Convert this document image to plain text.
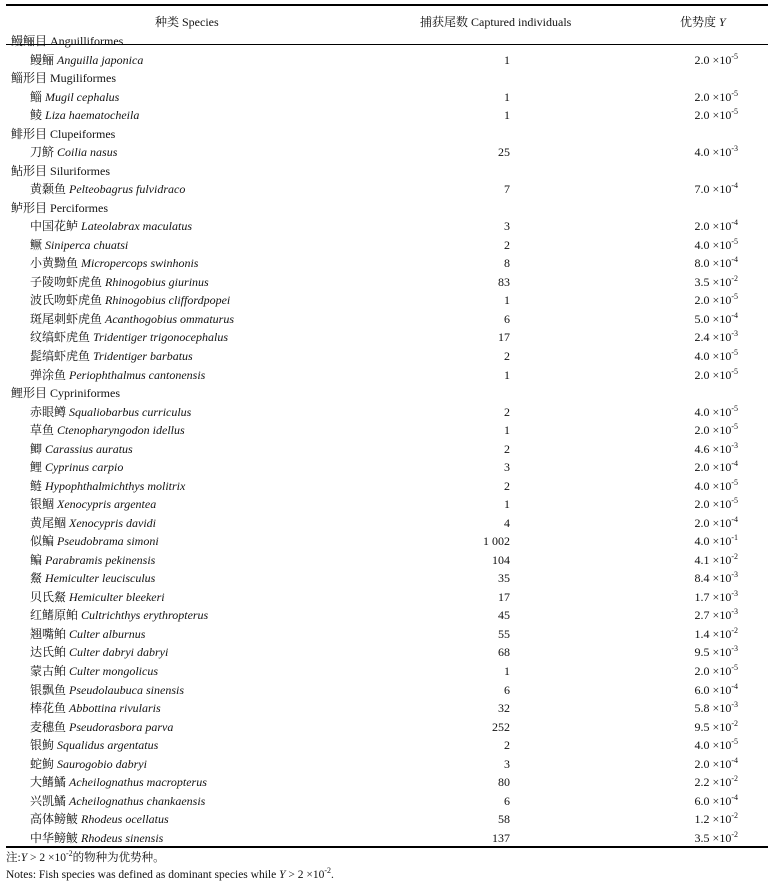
种类 Species	捕获尾数 Captured individuals	优势度 Y
鳗鲡目 Anguilliformes
鳗鲡 Anguilla japonica	1	$2.0 \times 10^{-5}$
鲻形目 Mugiliformes
鲻 Mugil cephalus	1	$2.0 \times 10^{-5}$
鲮 Liza haematocheila	1	$2.0 \times 10^{-5}$
鲱形目 Clupeiformes
刀鲚 Coilia nasus	25	$4.0 \times 10^{-3}$
鲇形目 Siluriformes
黄颡鱼 Pelteobagrus fulvidraco	7	$7.0 \times 10^{-4}$
鲈形目 Perciformes
中国花鲈 Lateolabrax maculatus	3	$2.0 \times 10^{-4}$
鳜 Siniperca chuatsi	2	$4.0 \times 10^{-5}$
小黄黝鱼 Micropercops swinhonis	8	$8.0 \times 10^{-4}$
子陵吻虾虎鱼 Rhinogobius giurinus	83	$3.5 \times 10^{-2}$
波氏吻虾虎鱼 Rhinogobius cliffordpopei	1	$2.0 \times 10^{-5}$
斑尾刺虾虎鱼 Acanthogobius ommaturus	6	$5.0 \times 10^{-4}$
纹缟虾虎鱼 Tridentiger trigonocephalus	17	$2.4 \times 10^{-3}$
髭缟虾虎鱼 Tridentiger barbatus	2	$4.0 \times 10^{-5}$
弹涂鱼 Periophthalmus cantonensis	1	$2.0 \times 10^{-5}$
鲤形目 Cypriniformes
赤眼鳟 Squaliobarbus curriculus	2	$4.0 \times 10^{-5}$
草鱼 Ctenopharyngodon idellus	1	$2.0 \times 10^{-5}$
鲫 Carassius auratus	2	$4.6 \times 10^{-3}$
鲤 Cyprinus carpio	3	$2.0 \times 10^{-4}$
鲢 Hypophthalmichthys molitrix	2	$4.0 \times 10^{-5}$
银鲴 Xenocypris argentea	1	$2.0 \times 10^{-5}$
黄尾鲴 Xenocypris davidi	4	$2.0 \times 10^{-4}$
似鳊 Pseudobrama simoni	1 002	$4.0 \times 10^{-1}$
鳊 Parabramis pekinensis	104	$4.1 \times 10^{-2}$
䱗 Hemiculter leucisculus	35	$8.4 \times 10^{-3}$
贝氏䱗 Hemiculter bleekeri	17	$1.7 \times 10^{-3}$
红鳍原鲌 Cultrichthys erythropterus	45	$2.7 \times 10^{-3}$
翘嘴鲌 Culter alburnus	55	$1.4 \times 10^{-2}$
达氏鲌 Culter dabryi dabryi	68	$9.5 \times 10^{-3}$
蒙古鲌 Culter mongolicus	1	$2.0 \times 10^{-5}$
银飘鱼 Pseudolaubuca sinensis	6	$6.0 \times 10^{-4}$
棒花鱼 Abbottina rivularis	32	$5.8 \times 10^{-3}$
麦穗鱼 Pseudorasbora parva	252	$9.5 \times 10^{-2}$
银鮈 Squalidus argentatus	2	$4.0 \times 10^{-5}$
蛇鮈 Saurogobio dabryi	3	$2.0 \times 10^{-4}$
大鳍鱊 Acheilognathus macropterus	80	$2.2 \times 10^{-2}$
兴凯鱊 Acheilognathus chankaensis	6	$6.0 \times 10^{-4}$
高体鳑鲏 Rhodeus ocellatus	58	$1.2 \times 10^{-2}$
中华鳑鲏 Rhodeus sinensis	137	$3.5 \times 10^{-2}$
注:Y > $2 \times 10^{-2}$的物种为优势种。
Notes: Fish species was defined as dominant species while $Y > 2 \times 10^{-2}$.
